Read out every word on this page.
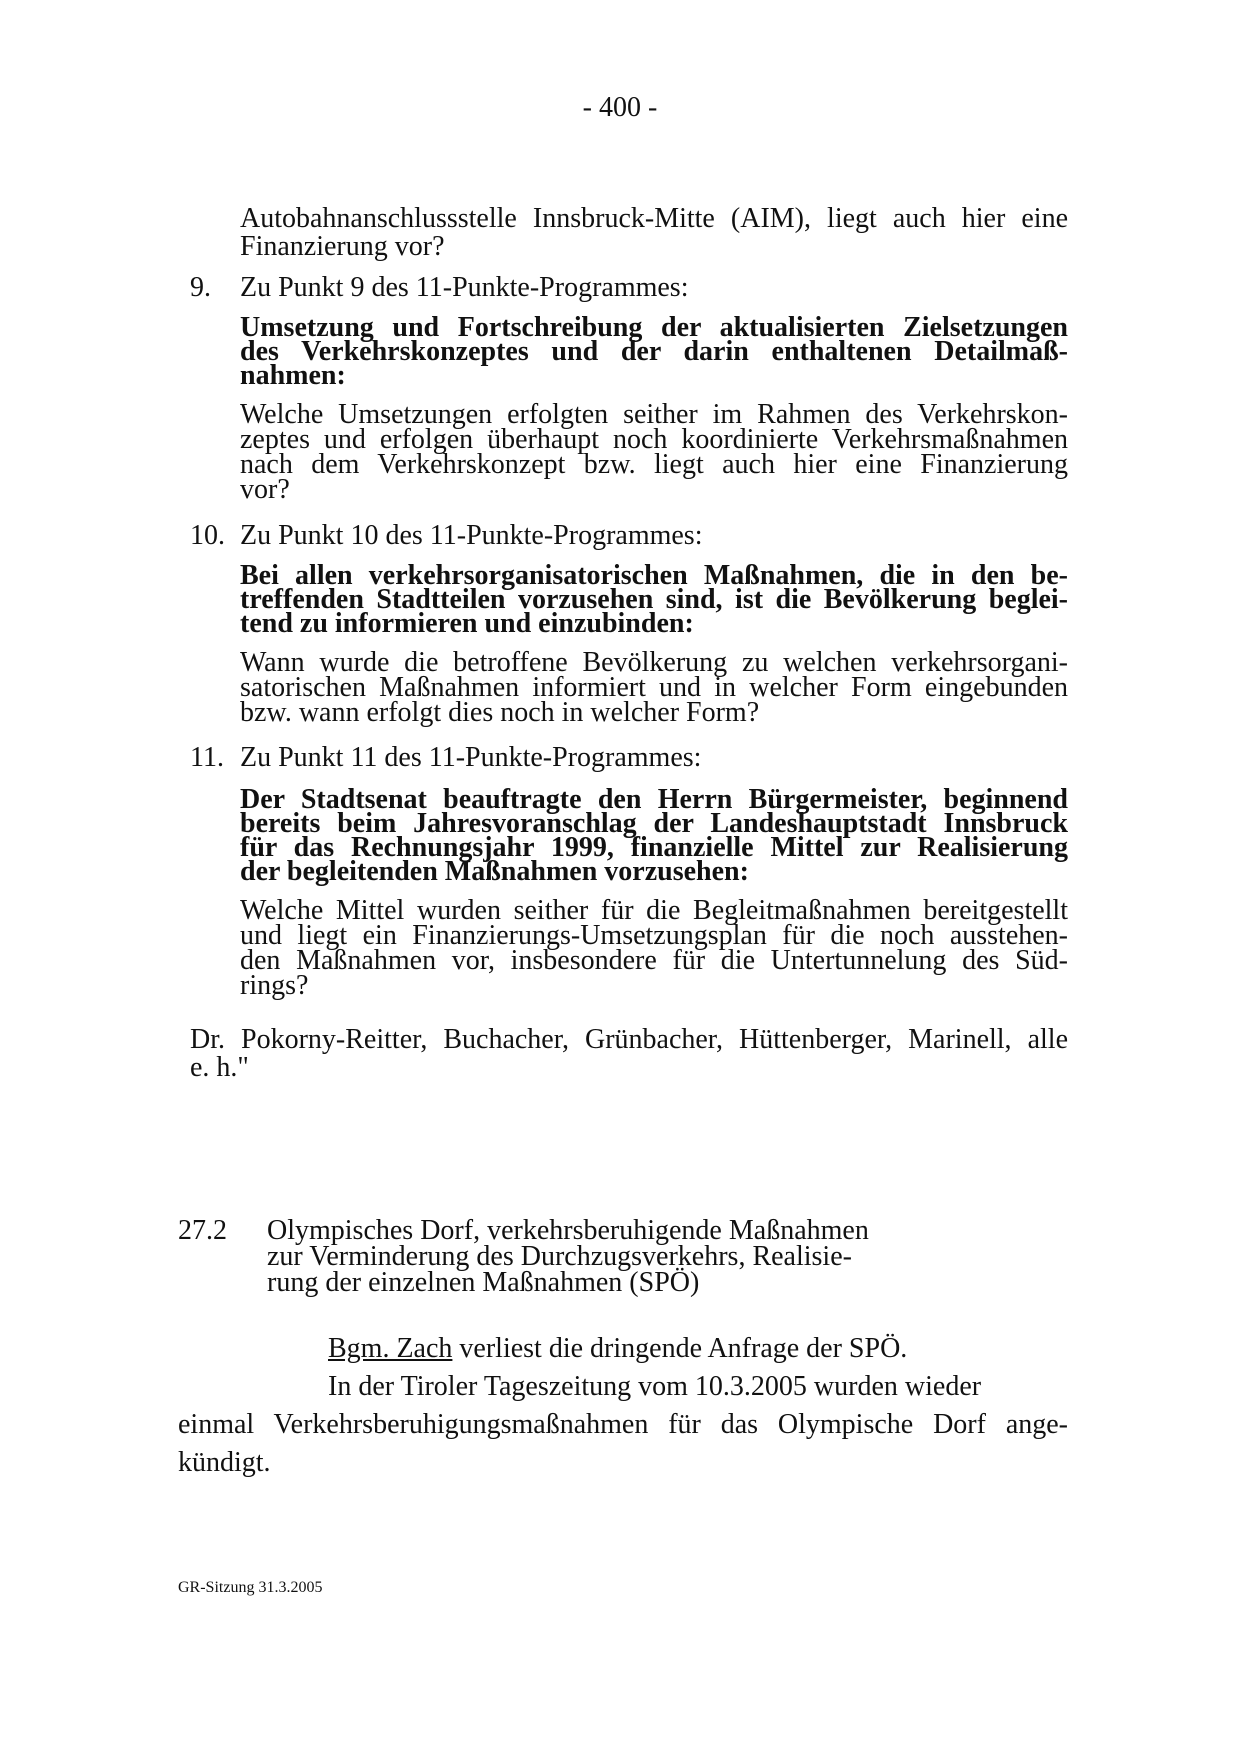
- 400 -
Autobahnanschlussstelle Innsbruck-Mitte (AIM), liegt auch hier eine
Finanzierung vor?
9. Zu Punkt 9 des 11-Punkte-Programmes:
Umsetzung und Fortschreibung der aktualisierten Zielsetzungen
des Verkehrskonzeptes und der darin enthaltenen Detailmaß-
nahmen:
Welche Umsetzungen erfolgten seither im Rahmen des Verkehrskon-
zeptes und erfolgen überhaupt noch koordinierte Verkehrsmaßnahmen
nach dem Verkehrskonzept bzw. liegt auch hier eine Finanzierung
vor?
10. Zu Punkt 10 des 11-Punkte-Programmes:
Bei allen verkehrsorganisatorischen Maßnahmen, die in den be-
treffenden Stadtteilen vorzusehen sind, ist die Bevölkerung beglei-
tend zu informieren und einzubinden:
Wann wurde die betroffene Bevölkerung zu welchen verkehrsorgani-
satorischen Maßnahmen informiert und in welcher Form eingebunden
bzw. wann erfolgt dies noch in welcher Form?
11. Zu Punkt 11 des 11-Punkte-Programmes:
Der Stadtsenat beauftragte den Herrn Bürgermeister, beginnend
bereits beim Jahresvoranschlag der Landeshauptstadt Innsbruck
für das Rechnungsjahr 1999, finanzielle Mittel zur Realisierung
der begleitenden Maßnahmen vorzusehen:
Welche Mittel wurden seither für die Begleitmaßnahmen bereitgestellt
und liegt ein Finanzierungs-Umsetzungsplan für die noch ausstehen-
den Maßnahmen vor, insbesondere für die Untertunnelung des Süd-
rings?
Dr. Pokorny-Reitter, Buchacher, Grünbacher, Hüttenberger, Marinell, alle
e. h."
27.2 Olympisches Dorf, verkehrsberuhigende Maßnahmen
zur Verminderung des Durchzugsverkehrs, Realisie-
rung der einzelnen Maßnahmen (SPÖ)
Bgm. Zach verliest die dringende Anfrage der SPÖ.
In der Tiroler Tageszeitung vom 10.3.2005 wurden wieder
einmal Verkehrsberuhigungsmaßnahmen für das Olympische Dorf ange-
kündigt.
GR-Sitzung 31.3.2005
